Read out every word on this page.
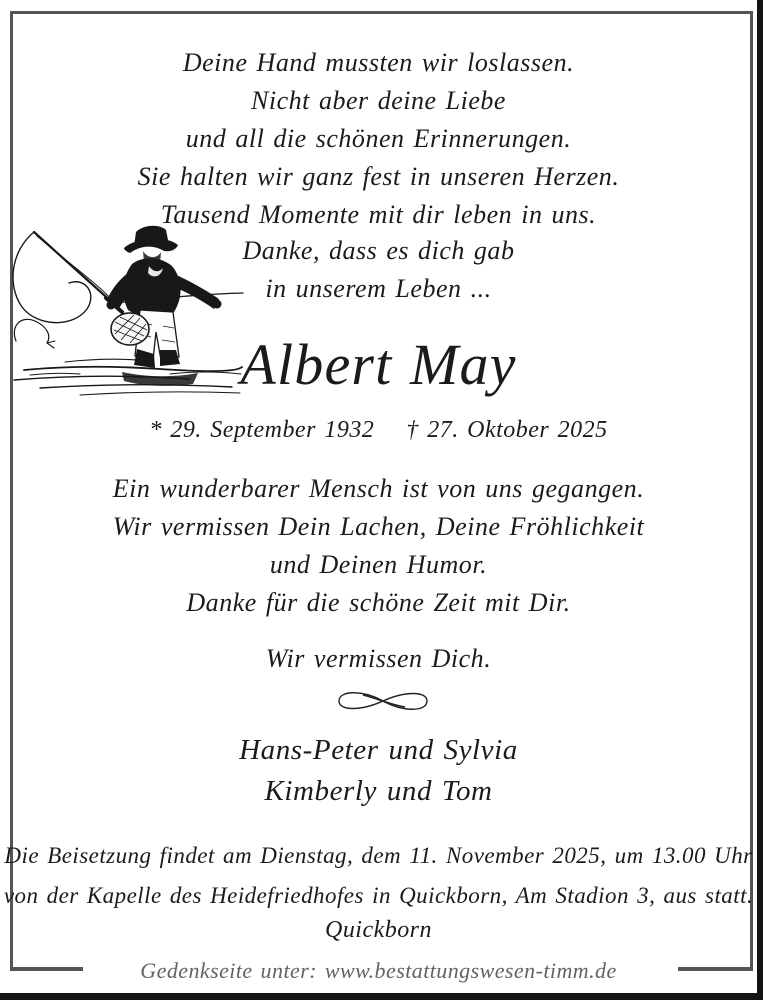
Deine Hand mussten wir loslassen.
Nicht aber deine Liebe
und all die schönen Erinnerungen.
Sie halten wir ganz fest in unseren Herzen.
Tausend Momente mit dir leben in uns.
Danke, dass es dich gab
in unserem Leben ...
Albert May
* 29. September 1932 † 27. Oktober 2025
Ein wunderbarer Mensch ist von uns gegangen.
Wir vermissen Dein Lachen, Deine Fröhlichkeit
und Deinen Humor.
Danke für die schöne Zeit mit Dir.
Wir vermissen Dich.
Hans-Peter und Sylvia
Kimberly und Tom
Die Beisetzung findet am Dienstag, dem 11. November 2025, um 13.00 Uhr
von der Kapelle des Heidefriedhofes in Quickborn, Am Stadion 3, aus statt.
Quickborn
Gedenkseite unter: www.bestattungswesen-timm.de
